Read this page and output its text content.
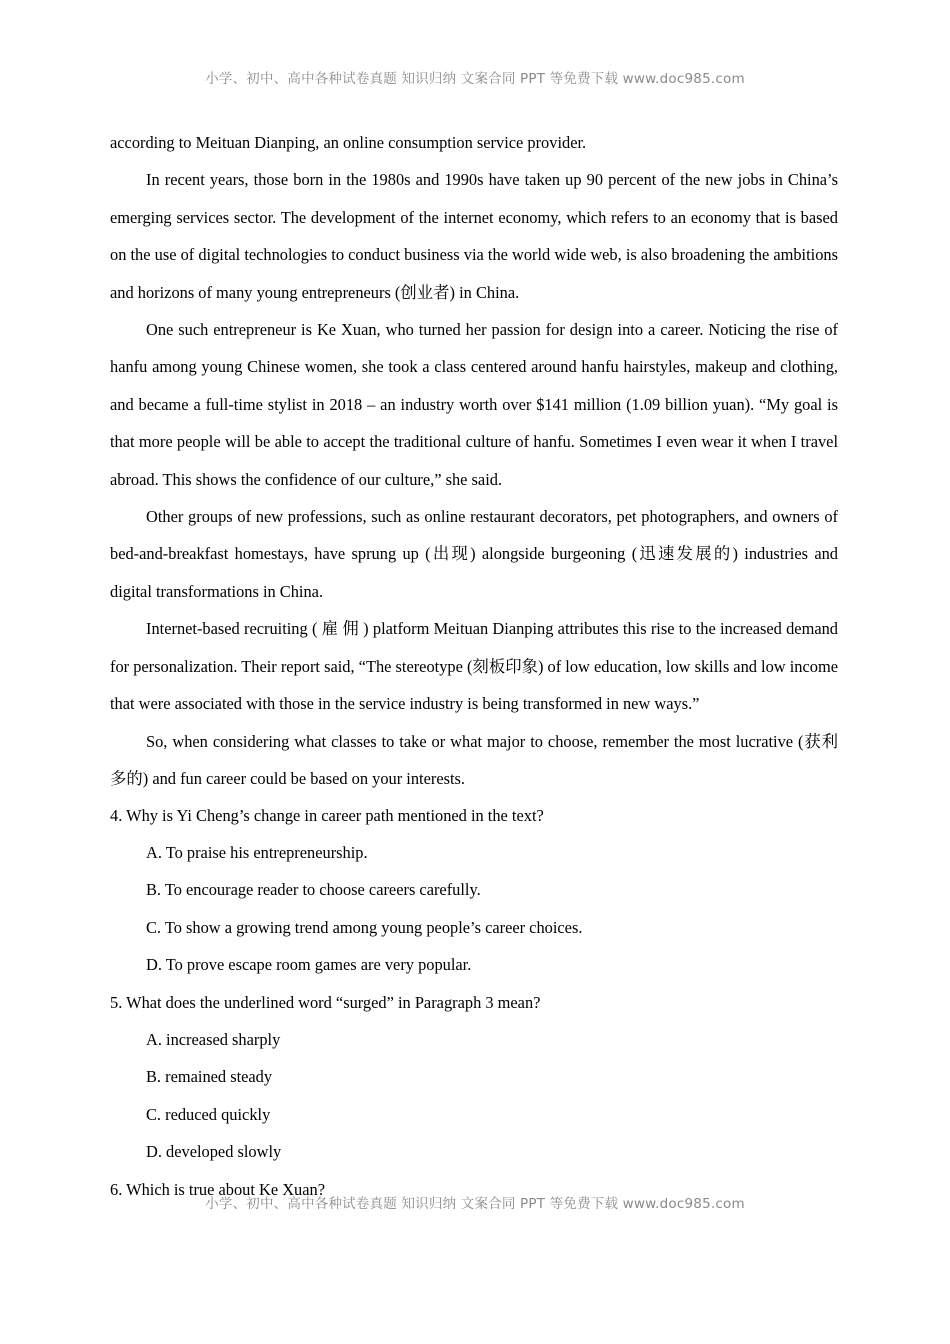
小学、初中、高中各种试卷真题 知识归纳 文案合同 PPT 等免费下载 www.doc985.com

according to Meituan Dianping, an online consumption service provider.

In recent years, those born in the 1980s and 1990s have taken up 90 percent of the new jobs in China’s emerging services sector. The development of the internet economy, which refers to an economy that is based on the use of digital technologies to conduct business via the world wide web, is also broadening the ambitions and horizons of many young entrepreneurs (创业者) in China.

One such entrepreneur is Ke Xuan, who turned her passion for design into a career. Noticing the rise of hanfu among young Chinese women, she took a class centered around hanfu hairstyles, makeup and clothing, and became a full-time stylist in 2018 – an industry worth over $141 million (1.09 billion yuan). “My goal is that more people will be able to accept the traditional culture of hanfu. Sometimes I even wear it when I travel abroad. This shows the confidence of our culture,” she said.

Other groups of new professions, such as online restaurant decorators, pet photographers, and owners of bed-and-breakfast homestays, have sprung up (出现) alongside burgeoning (迅速发展的) industries and digital transformations in China.

Internet-based recruiting ( 雇 佣 ) platform Meituan Dianping attributes this rise to the increased demand for personalization. Their report said, “The stereotype (刻板印象) of low education, low skills and low income that were associated with those in the service industry is being transformed in new ways.”

So, when considering what classes to take or what major to choose, remember the most lucrative (获利多的) and fun career could be based on your interests.

4. Why is Yi Cheng’s change in career path mentioned in the text?

A. To praise his entrepreneurship.

B. To encourage reader to choose careers carefully.

C. To show a growing trend among young people’s career choices.

D. To prove escape room games are very popular.

5. What does the underlined word “surged” in Paragraph 3 mean?

A. increased sharply

B. remained steady

C. reduced quickly

D. developed slowly

6. Which is true about Ke Xuan?

小学、初中、高中各种试卷真题 知识归纳 文案合同 PPT 等免费下载 www.doc985.com
